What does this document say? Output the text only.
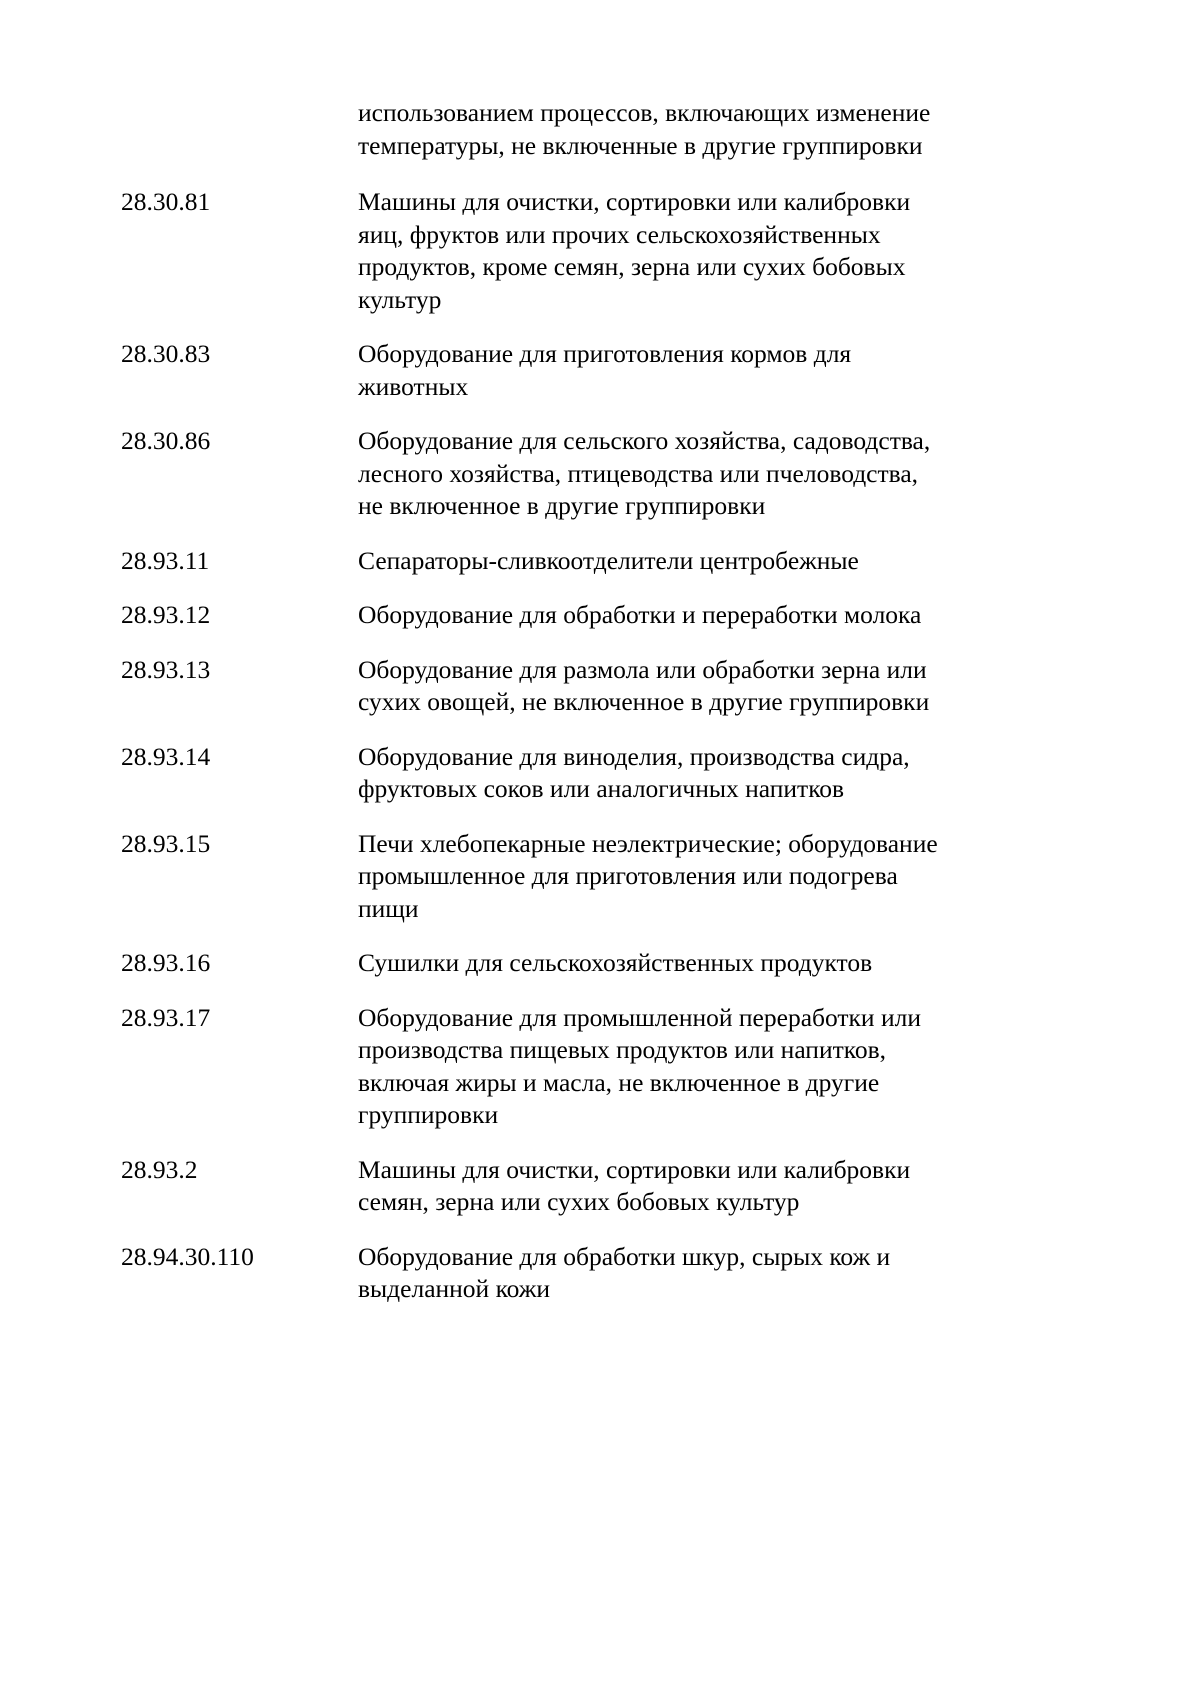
использованием процессов, включающих изменение
температуры, не включенные в другие группировки
28.30.81	Машины для очистки, сортировки или калибровки
яиц, фруктов или прочих сельскохозяйственных
продуктов, кроме семян, зерна или сухих бобовых
культур
28.30.83	Оборудование для приготовления кормов для
животных
28.30.86	Оборудование для сельского хозяйства, садоводства,
лесного хозяйства, птицеводства или пчеловодства,
не включенное в другие группировки
28.93.11	Сепараторы-сливкоотделители центробежные
28.93.12	Оборудование для обработки и переработки молока
28.93.13	Оборудование для размола или обработки зерна или
сухих овощей, не включенное в другие группировки
28.93.14	Оборудование для виноделия, производства сидра,
фруктовых соков или аналогичных напитков
28.93.15	Печи хлебопекарные неэлектрические; оборудование
промышленное для приготовления или подогрева
пищи
28.93.16	Сушилки для сельскохозяйственных продуктов
28.93.17	Оборудование для промышленной переработки или
производства пищевых продуктов или напитков,
включая жиры и масла, не включенное в другие
группировки
28.93.2	Машины для очистки, сортировки или калибровки
семян, зерна или сухих бобовых культур
28.94.30.110	Оборудование для обработки шкур, сырых кож и
выделанной кожи
